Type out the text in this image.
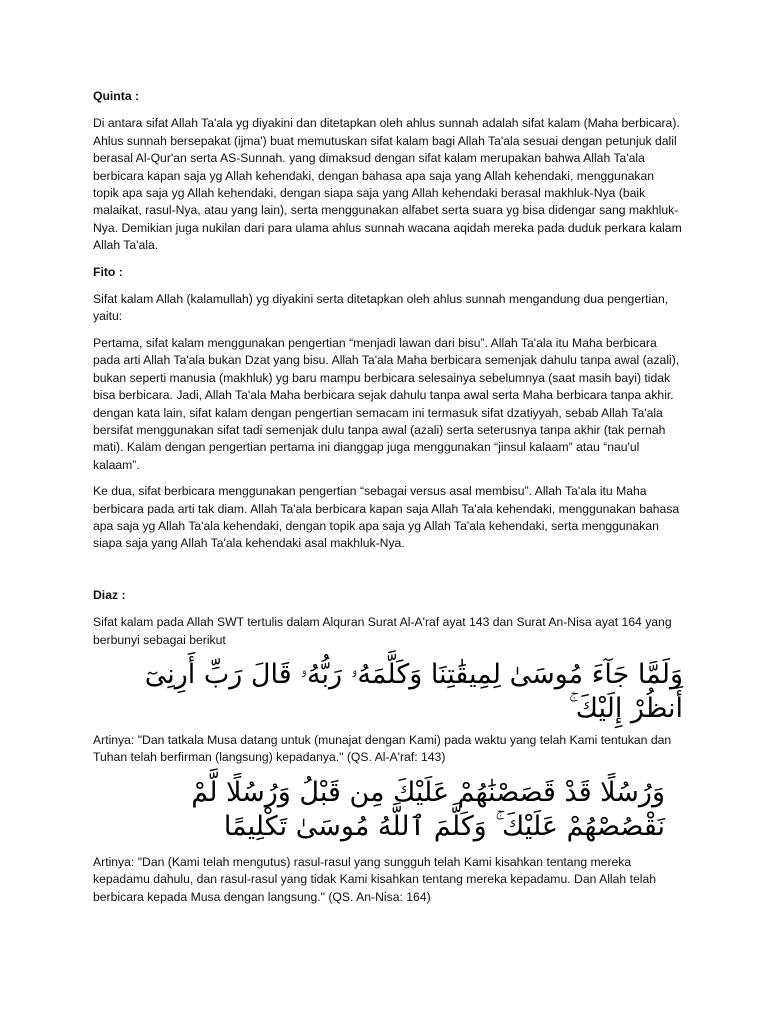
Quinta :

Di antara sifat Allah Ta'ala yg diyakini dan ditetapkan oleh ahlus sunnah adalah sifat kalam (Maha berbicara). Ahlus sunnah bersepakat (ijma') buat memutuskan sifat kalam bagi Allah Ta'ala sesuai dengan petunjuk dalil berasal Al-Qur'an serta AS-Sunnah. yang dimaksud dengan sifat kalam merupakan bahwa Allah Ta'ala berbicara kapan saja yg Allah kehendaki, dengan bahasa apa saja yang Allah kehendaki, menggunakan topik apa saja yg Allah kehendaki, dengan siapa saja yang Allah kehendaki berasal makhluk-Nya (baik malaikat, rasul-Nya, atau yang lain), serta menggunakan alfabet serta suara yg bisa didengar sang makhluk-Nya. Demikian juga nukilan dari para ulama ahlus sunnah wacana aqidah mereka pada duduk perkara kalam Allah Ta'ala.

Fito :

Sifat kalam Allah (kalamullah) yg diyakini serta ditetapkan oleh ahlus sunnah mengandung dua pengertian, yaitu:

Pertama, sifat kalam menggunakan pengertian “menjadi lawan dari bisu”. Allah Ta'ala itu Maha berbicara pada arti Allah Ta'ala bukan Dzat yang bisu. Allah Ta'ala Maha berbicara semenjak dahulu tanpa awal (azali), bukan seperti manusia (makhluk) yg baru mampu berbicara selesainya sebelumnya (saat masih bayi) tidak bisa berbicara. Jadi, Allah Ta'ala Maha berbicara sejak dahulu tanpa awal serta Maha berbicara tanpa akhir. dengan kata lain, sifat kalam dengan pengertian semacam ini termasuk sifat dzatiyyah, sebab Allah Ta'ala bersifat menggunakan sifat tadi semenjak dulu tanpa awal (azali) serta seterusnya tanpa akhir (tak pernah mati). Kalam dengan pengertian pertama ini dianggap juga menggunakan “jinsul kalaam” atau “nau'ul kalaam”.

Ke dua, sifat berbicara menggunakan pengertian “sebagai versus asal membisu”. Allah Ta'ala itu Maha berbicara pada arti tak diam. Allah Ta'ala berbicara kapan saja Allah Ta'ala kehendaki, menggunakan bahasa apa saja yg Allah Ta'ala kehendaki, dengan topik apa saja yg Allah Ta'ala kehendaki, serta menggunakan siapa saja yang Allah Ta'ala kehendaki asal makhluk-Nya.

Diaz :

Sifat kalam pada Allah SWT tertulis dalam Alquran Surat Al-A'raf ayat 143 dan Surat An-Nisa ayat 164 yang berbunyi sebagai berikut

وَلَمَّا جَآءَ مُوسَىٰ لِمِيقَٰتِنَا وَكَلَّمَهُۥ رَبُّهُۥ قَالَ رَبِّ أَرِنِىٓ أَنظُرْ إِلَيْكَ ۚ

Artinya: "Dan tatkala Musa datang untuk (munajat dengan Kami) pada waktu yang telah Kami tentukan dan Tuhan telah berfirman (langsung) kepadanya." (QS. Al-A'raf: 143)

وَرُسُلًا قَدْ قَصَصْنَٰهُمْ عَلَيْكَ مِن قَبْلُ وَرُسُلًا لَّمْ نَقْصُصْهُمْ عَلَيْكَ ۚ وَكَلَّمَ ٱللَّهُ مُوسَىٰ تَكْلِيمًا

Artinya: "Dan (Kami telah mengutus) rasul-rasul yang sungguh telah Kami kisahkan tentang mereka kepadamu dahulu, dan rasul-rasul yang tidak Kami kisahkan tentang mereka kepadamu. Dan Allah telah berbicara kepada Musa dengan langsung." (QS. An-Nisa: 164)
